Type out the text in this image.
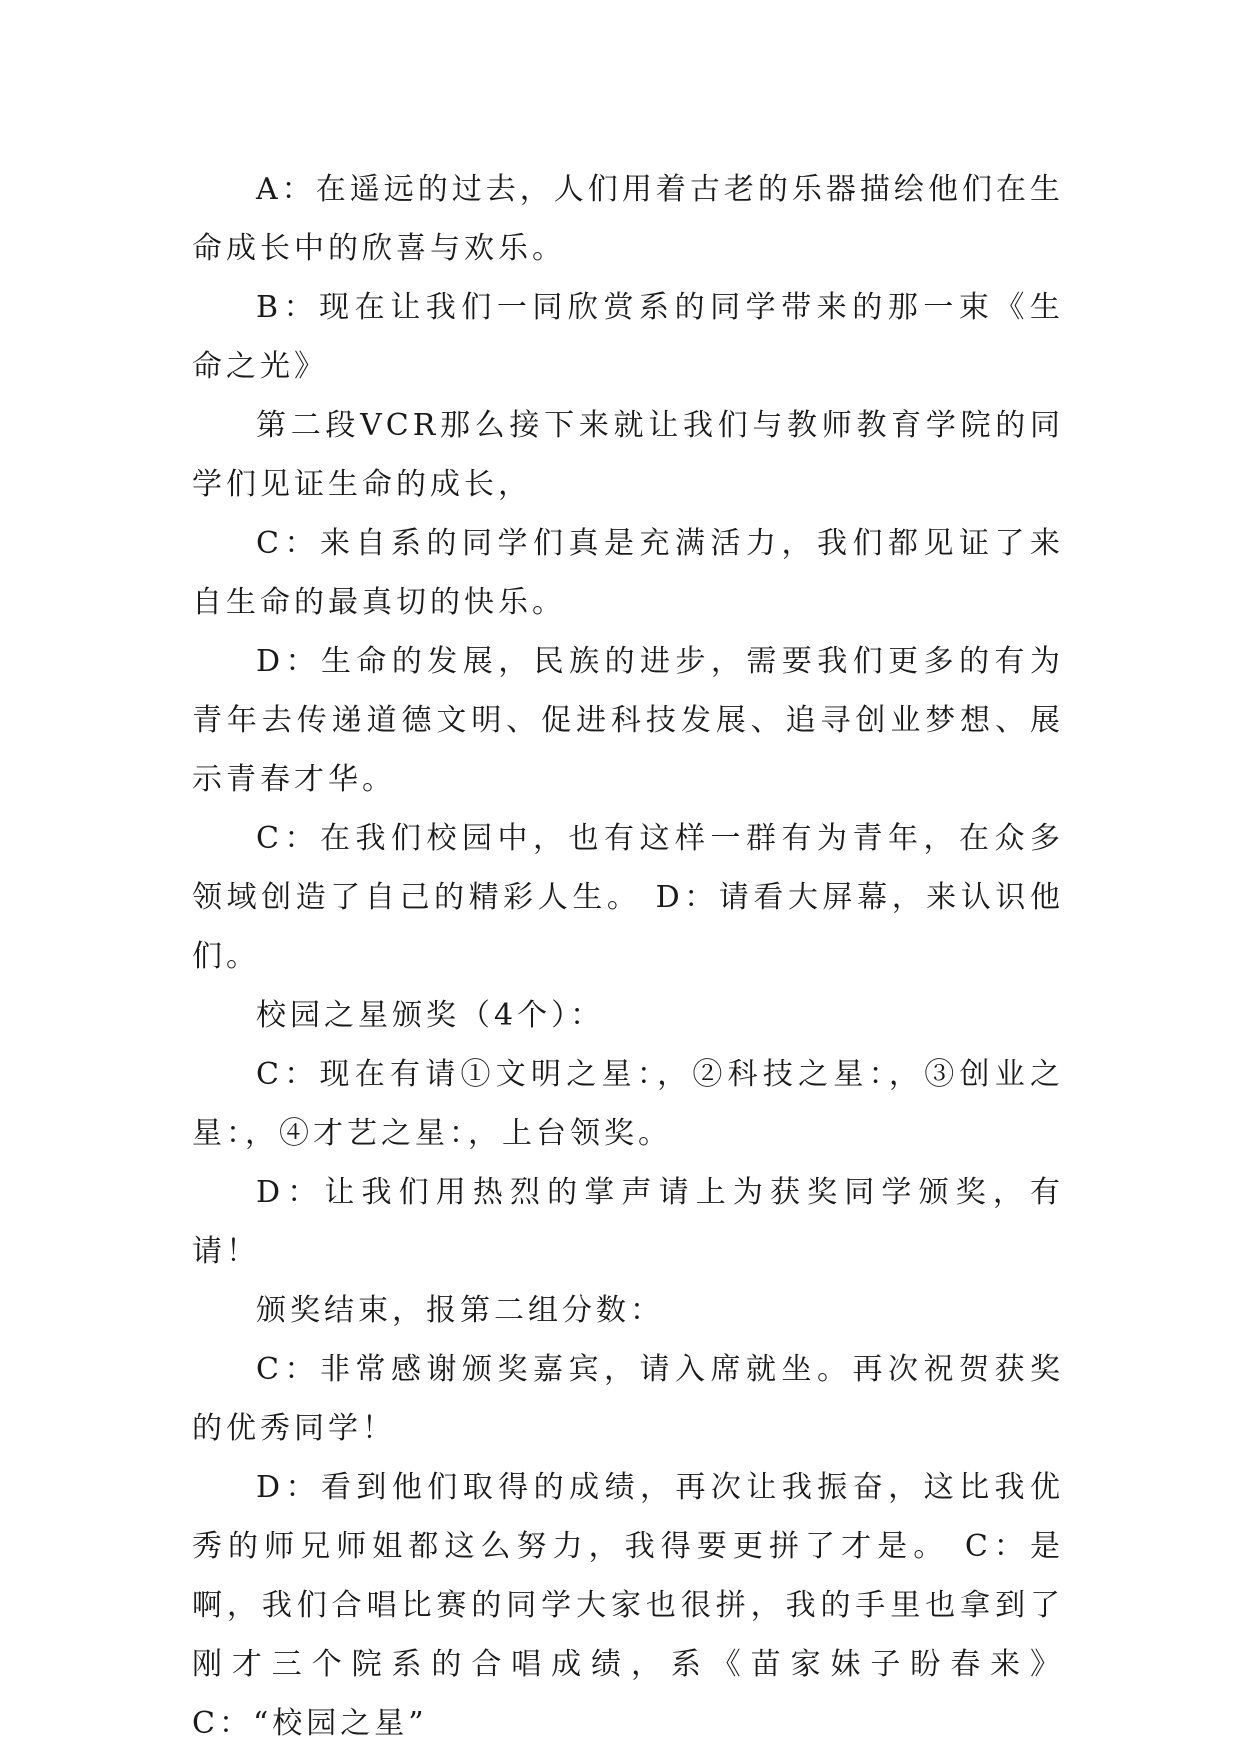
A：在遥远的过去，人们用着古老的乐器描绘他们在生命成长中的欣喜与欢乐。

B：现在让我们一同欣赏系的同学带来的那一束《生命之光》

第二段VCR那么接下来就让我们与教师教育学院的同学们见证生命的成长，

C：来自系的同学们真是充满活力，我们都见证了来自生命的最真切的快乐。

D：生命的发展，民族的进步，需要我们更多的有为青年去传递道德文明、促进科技发展、追寻创业梦想、展示青春才华。

C：在我们校园中，也有这样一群有为青年，在众多领域创造了自己的精彩人生。 D：请看大屏幕，来认识他们。

校园之星颁奖（4个）：

C：现在有请①文明之星：，②科技之星：，③创业之星：，④才艺之星：，上台领奖。

D：让我们用热烈的掌声请上为获奖同学颁奖，有请！

颁奖结束，报第二组分数：

C：非常感谢颁奖嘉宾，请入席就坐。再次祝贺获奖的优秀同学！

D：看到他们取得的成绩，再次让我振奋，这比我优秀的师兄师姐都这么努力，我得要更拼了才是。 C：是啊，我们合唱比赛的同学大家也很拼，我的手里也拿到了刚才三个院系的合唱成绩，系《苗家妹子盼春来》 C：“校园之星”
